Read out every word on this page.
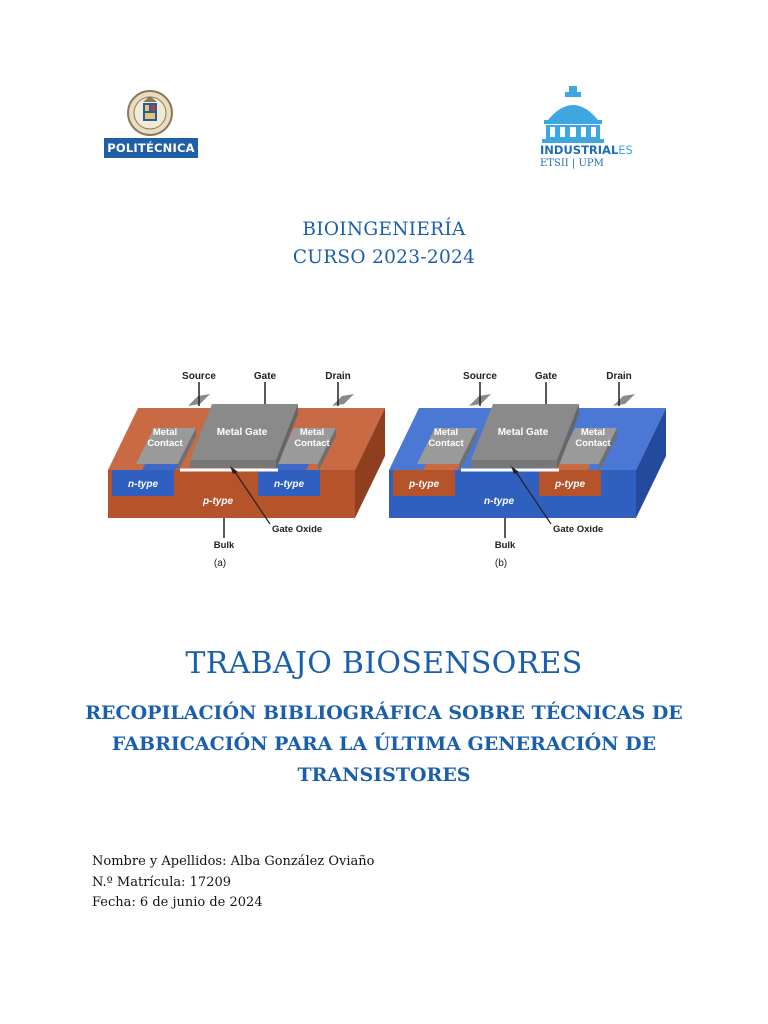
POLITÉCNICA	INDUSTRIALES
ETSII | UPM
BIOINGENIERÍA
CURSO 2023-2024
Source	Gate	Drain
Metal
Contact
Metal
Contact
Metal Gate
n-type	n-type
p-type
Gate Oxide
Bulk
(a)
Source	Gate	Drain
Metal
Contact
Metal
Contact
Metal Gate
p-type	p-type
n-type
Gate Oxide
Bulk
(b)
TRABAJO BIOSENSORES
RECOPILACIÓN BIBLIOGRÁFICA SOBRE TÉCNICAS DE
FABRICACIÓN PARA LA ÚLTIMA GENERACIÓN DE
TRANSISTORES
Nombre y Apellidos: Alba González Oviaño
N.º Matrícula: 17209
Fecha: 6 de junio de 2024
